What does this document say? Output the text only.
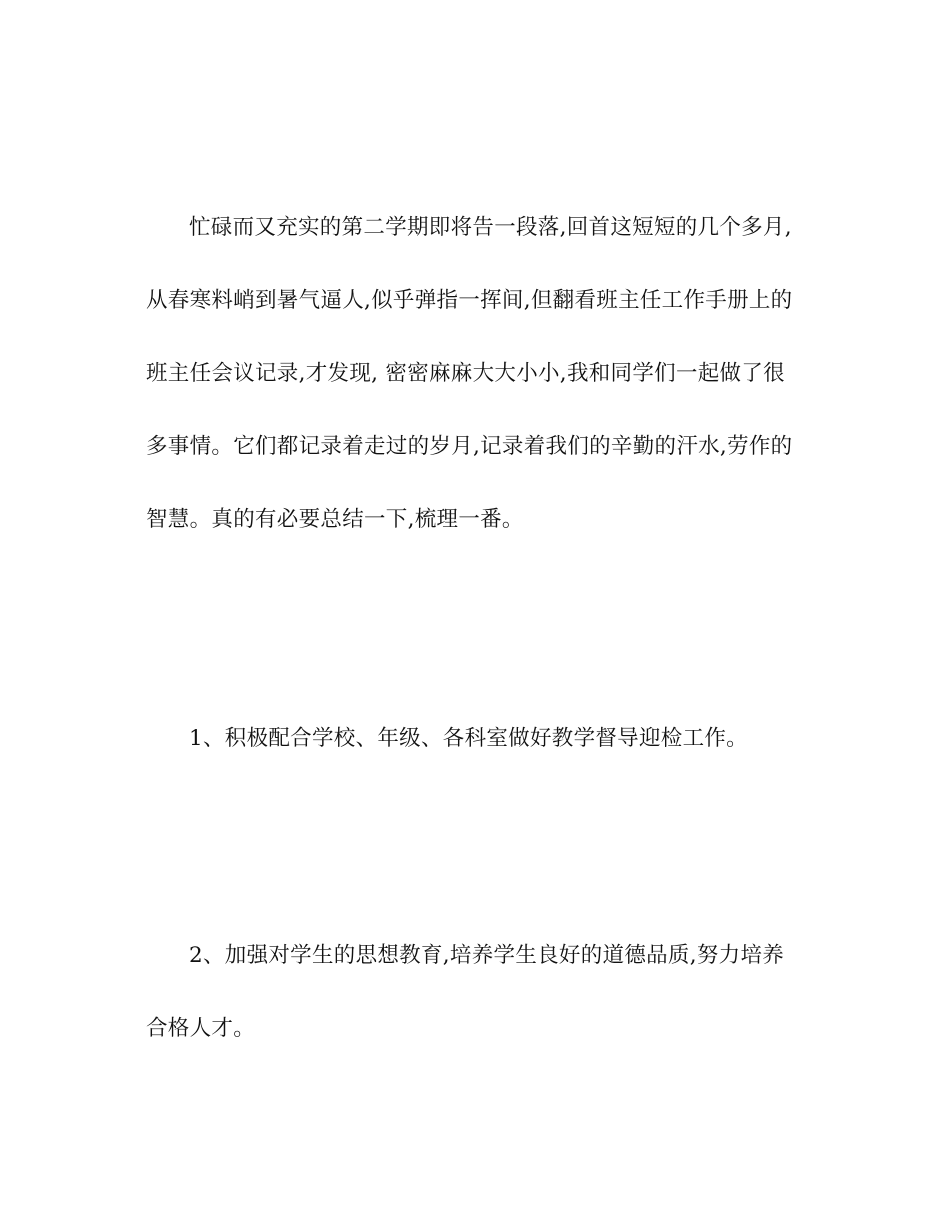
忙碌而又充实的第二学期即将告一段落,回首这短短的几个多月,
从春寒料峭到暑气逼人,似乎弹指一挥间,但翻看班主任工作手册上的
班主任会议记录,才发现, 密密麻麻大大小小,我和同学们一起做了很
多事情。它们都记录着走过的岁月,记录着我们的辛勤的汗水,劳作的
智慧。真的有必要总结一下,梳理一番。
1、积极配合学校、年级、各科室做好教学督导迎检工作。
2、加强对学生的思想教育,培养学生良好的道德品质,努力培养
合格人才。
